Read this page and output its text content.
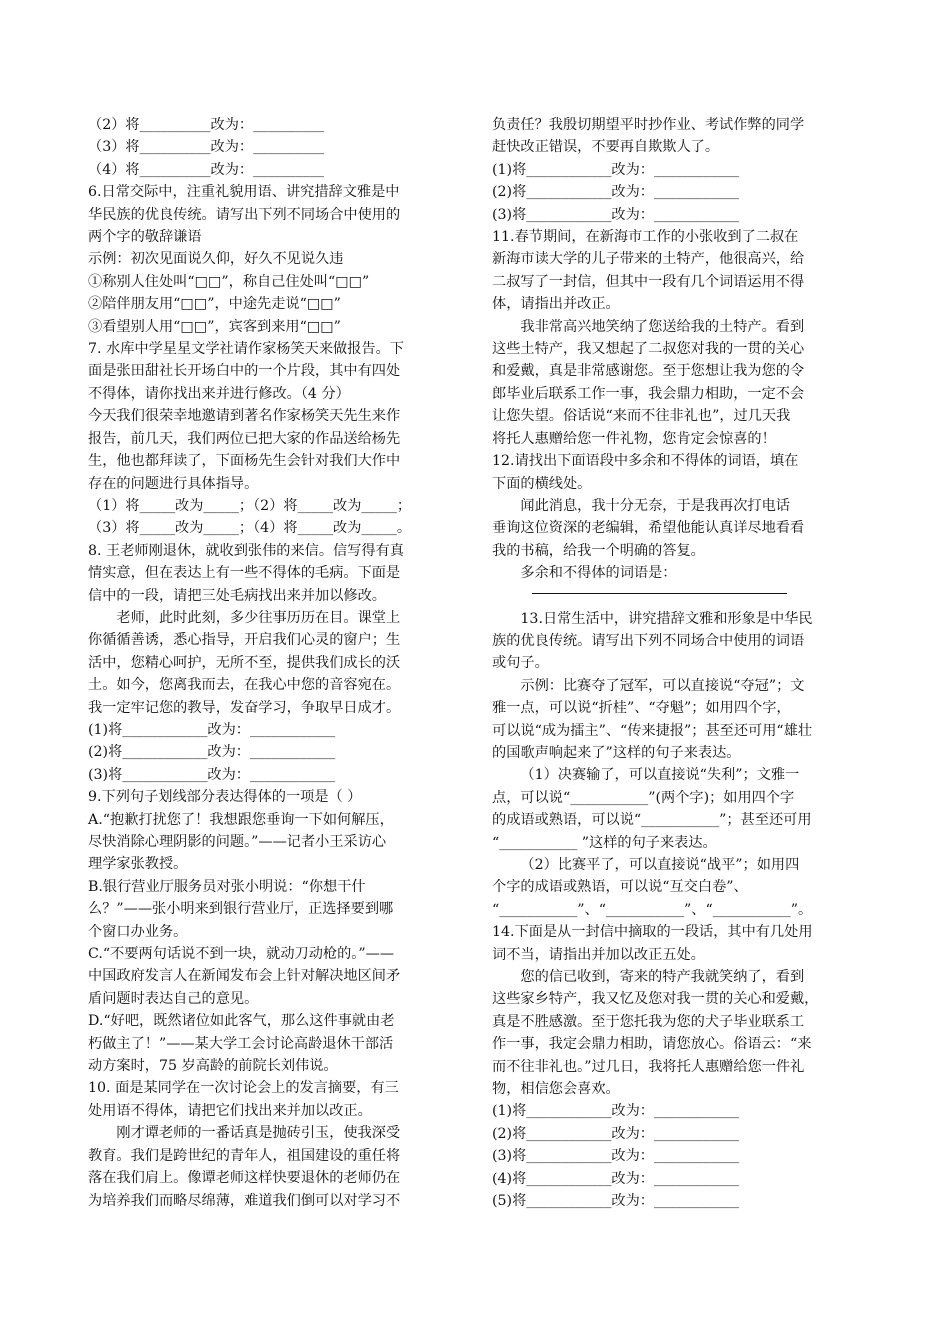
（2）将__________改为：__________

（3）将__________改为：__________

（4）将__________改为：__________

6.日常交际中，注重礼貌用语、讲究措辞文雅是中

华民族的优良传统。请写出下列不同场合中使用的

两个字的敬辞谦语

示例：初次见面说久仰，好久不见说久违

①称别人住处叫“□□”，称自己住处叫“□□”

②陪伴朋友用“□□”，中途先走说“□□”

③看望别人用“□□”，宾客到来用“□□”

7. 水库中学星星文学社请作家杨笑天来做报告。下

面是张田甜社长开场白中的一个片段，其中有四处

不得体，请你找出来并进行修改。（4 分）

今天我们很荣幸地邀请到著名作家杨笑天先生来作

报告，前几天，我们两位已把大家的作品送给杨先

生，他也都拜读了，下面杨先生会针对我们大作中

存在的问题进行具体指导。

（1）将_____改为_____；（2）将_____改为_____；

（3）将_____改为_____；（4）将_____改为_____。

8. 王老师刚退休，就收到张伟的来信。信写得有真

情实意，但在表达上有一些不得体的毛病。下面是

信中的一段，请把三处毛病找出来并加以修改。

老师，此时此刻，多少往事历历在目。课堂上

你循循善诱，悉心指导，开启我们心灵的窗户；生

活中，您精心呵护，无所不至，提供我们成长的沃

土。如今，您离我而去，在我心中您的音容宛在。

我一定牢记您的教导，发奋学习，争取早日成才。

(1)将____________改为：____________

(2)将____________改为：____________

(3)将____________改为：____________

9.下列句子划线部分表达得体的一项是（ ）

A.“抱歉打扰您了！我想跟您垂询一下如何解压，

尽快消除心理阴影的问题。”——记者小王采访心

理学家张教授。

B.银行营业厅服务员对张小明说：“你想干什

么？”——张小明来到银行营业厅，正选择要到哪

个窗口办业务。

C.“不要两句话说不到一块，就动刀动枪的。”——

中国政府发言人在新闻发布会上针对解决地区间矛

盾问题时表达自己的意见。

D.“好吧，既然诸位如此客气，那么这件事就由老

朽做主了！”——某大学工会讨论高龄退休干部活

动方案时，75 岁高龄的前院长刘伟说。

10. 面是某同学在一次讨论会上的发言摘要，有三

处用语不得体，请把它们找出来并加以改正。

刚才谭老师的一番话真是抛砖引玉，使我深受

教育。我们是跨世纪的青年人，祖国建设的重任将

落在我们肩上。像谭老师这样快要退休的老师仍在

为培养我们而略尽绵薄，难道我们倒可以对学习不

负责任？我殷切期望平时抄作业、考试作弊的同学

赶快改正错误，不要再自欺欺人了。

(1)将____________改为：____________

(2)将____________改为：____________

(3)将____________改为：____________

11.春节期间，在新海市工作的小张收到了二叔在

新海市读大学的儿子带来的土特产，他很高兴，给

二叔写了一封信，但其中一段有几个词语运用不得

体，请指出并改正。

我非常高兴地笑纳了您送给我的土特产。看到

这些土特产，我又想起了二叔您对我的一贯的关心

和爱戴，真是非常感谢您。至于您想让我为您的令

郎毕业后联系工作一事，我会鼎力相助，一定不会

让您失望。俗话说“来而不往非礼也”，过几天我

将托人惠赠给您一件礼物，您肯定会惊喜的！

12.请找出下面语段中多余和不得体的词语，填在

下面的横线处。

闻此消息，我十分无奈，于是我再次打电话

垂询这位资深的老编辑，希望他能认真详尽地看看

我的书稿，给我一个明确的答复。

多余和不得体的词语是：

13.日常生活中，讲究措辞文雅和形象是中华民

族的优良传统。请写出下列不同场合中使用的词语

或句子。

示例：比赛夺了冠军，可以直接说“夺冠”；文

雅一点，可以说“折桂”、“夺魁”；如用四个字，

可以说“成为擂主”、“传来捷报”；甚至还可用“雄壮

的国歌声响起来了”这样的句子来表达。

（1）决赛输了，可以直接说“失利”；文雅一

点，可以说“___________”(两个字)；如用四个字

的成语或熟语，可以说“___________”；甚至还可用

“___________ ”这样的句子来表达。

（2）比赛平了，可以直接说“战平”；如用四

个字的成语或熟语，可以说“互交白卷”、

“___________”、“___________”、“___________”。

14.下面是从一封信中摘取的一段话，其中有几处用

词不当，请指出并加以改正五处。

您的信已收到，寄来的特产我就笑纳了，看到

这些家乡特产，我又忆及您对我一贯的关心和爱戴，

真是不胜感激。至于您托我为您的犬子毕业联系工

作一事，我定会鼎力相助，请您放心。俗语云：“来

而不往非礼也。”过几日，我将托人惠赠给您一件礼

物，相信您会喜欢。

(1)将____________改为：____________

(2)将____________改为：____________

(3)将____________改为：____________

(4)将____________改为：____________

(5)将____________改为：____________
